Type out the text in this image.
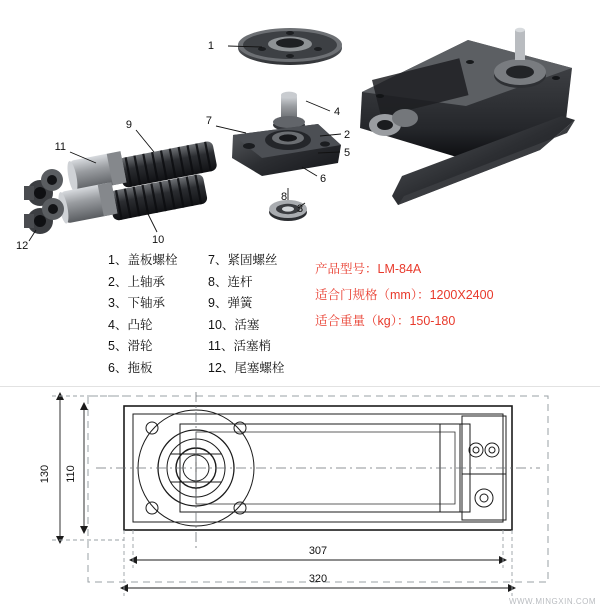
1
4
2
5
6
3
7
8
9
11
10
12
1、盖板螺栓
2、上轴承
3、下轴承
4、凸轮
5、滑轮
6、拖板
7、紧固螺丝
8、连杆
9、弹簧
10、活塞
11、活塞梢
12、尾塞螺栓
产品型号：LM-84A
适合门规格（mm）：1200X2400
适合重量（kg）：150-180
130 110
307
320
WWW.MINGXIN.COM
